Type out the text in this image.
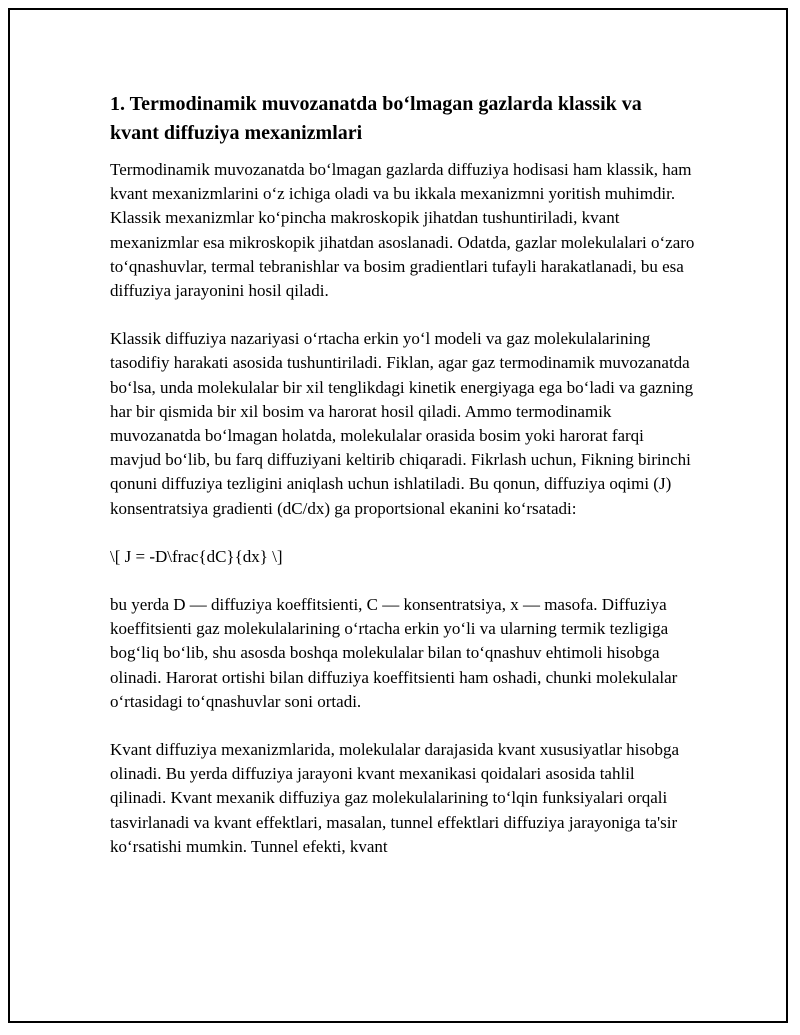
1. Termodinamik muvozanatda bo‘lmagan gazlarda klassik va kvant diffuziya mexanizmlari

Termodinamik muvozanatda bo‘lmagan gazlarda diffuziya hodisasi ham klassik, ham kvant mexanizmlarini o‘z ichiga oladi va bu ikkala mexanizmni yoritish muhimdir. Klassik mexanizmlar ko‘pincha makroskopik jihatdan tushuntiriladi, kvant mexanizmlar esa mikroskopik jihatdan asoslanadi. Odatda, gazlar molekulalari o‘zaro to‘qnashuvlar, termal tebranishlar va bosim gradientlari tufayli harakatlanadi, bu esa diffuziya jarayonini hosil qiladi.

Klassik diffuziya nazariyasi o‘rtacha erkin yo‘l modeli va gaz molekulalarining tasodifiy harakati asosida tushuntiriladi. Fiklan, agar gaz termodinamik muvozanatda bo‘lsa, unda molekulalar bir xil tenglikdagi kinetik energiyaga ega bo‘ladi va gazning har bir qismida bir xil bosim va harorat hosil qiladi. Ammo termodinamik muvozanatda bo‘lmagan holatda, molekulalar orasida bosim yoki harorat farqi mavjud bo‘lib, bu farq diffuziyani keltirib chiqaradi. Fikrlash uchun, Fikning birinchi qonuni diffuziya tezligini aniqlash uchun ishlatiladi. Bu qonun, diffuziya oqimi (J) konsentratsiya gradienti (dC/dx) ga proportsional ekanini ko‘rsatadi:

\[ J = -D\frac{dC}{dx} \]

bu yerda D — diffuziya koeffitsienti, C — konsentratsiya, x — masofa. Diffuziya koeffitsienti gaz molekulalarining o‘rtacha erkin yo‘li va ularning termik tezligiga bog‘liq bo‘lib, shu asosda boshqa molekulalar bilan to‘qnashuv ehtimoli hisobga olinadi. Harorat ortishi bilan diffuziya koeffitsienti ham oshadi, chunki molekulalar o‘rtasidagi to‘qnashuvlar soni ortadi.

Kvant diffuziya mexanizmlarida, molekulalar darajasida kvant xususiyatlar hisobga olinadi. Bu yerda diffuziya jarayoni kvant mexanikasi qoidalari asosida tahlil qilinadi. Kvant mexanik diffuziya gaz molekulalarining to‘lqin funksiyalari orqali tasvirlanadi va kvant effektlari, masalan, tunnel effektlari diffuziya jarayoniga ta'sir ko‘rsatishi mumkin. Tunnel efekti, kvant
